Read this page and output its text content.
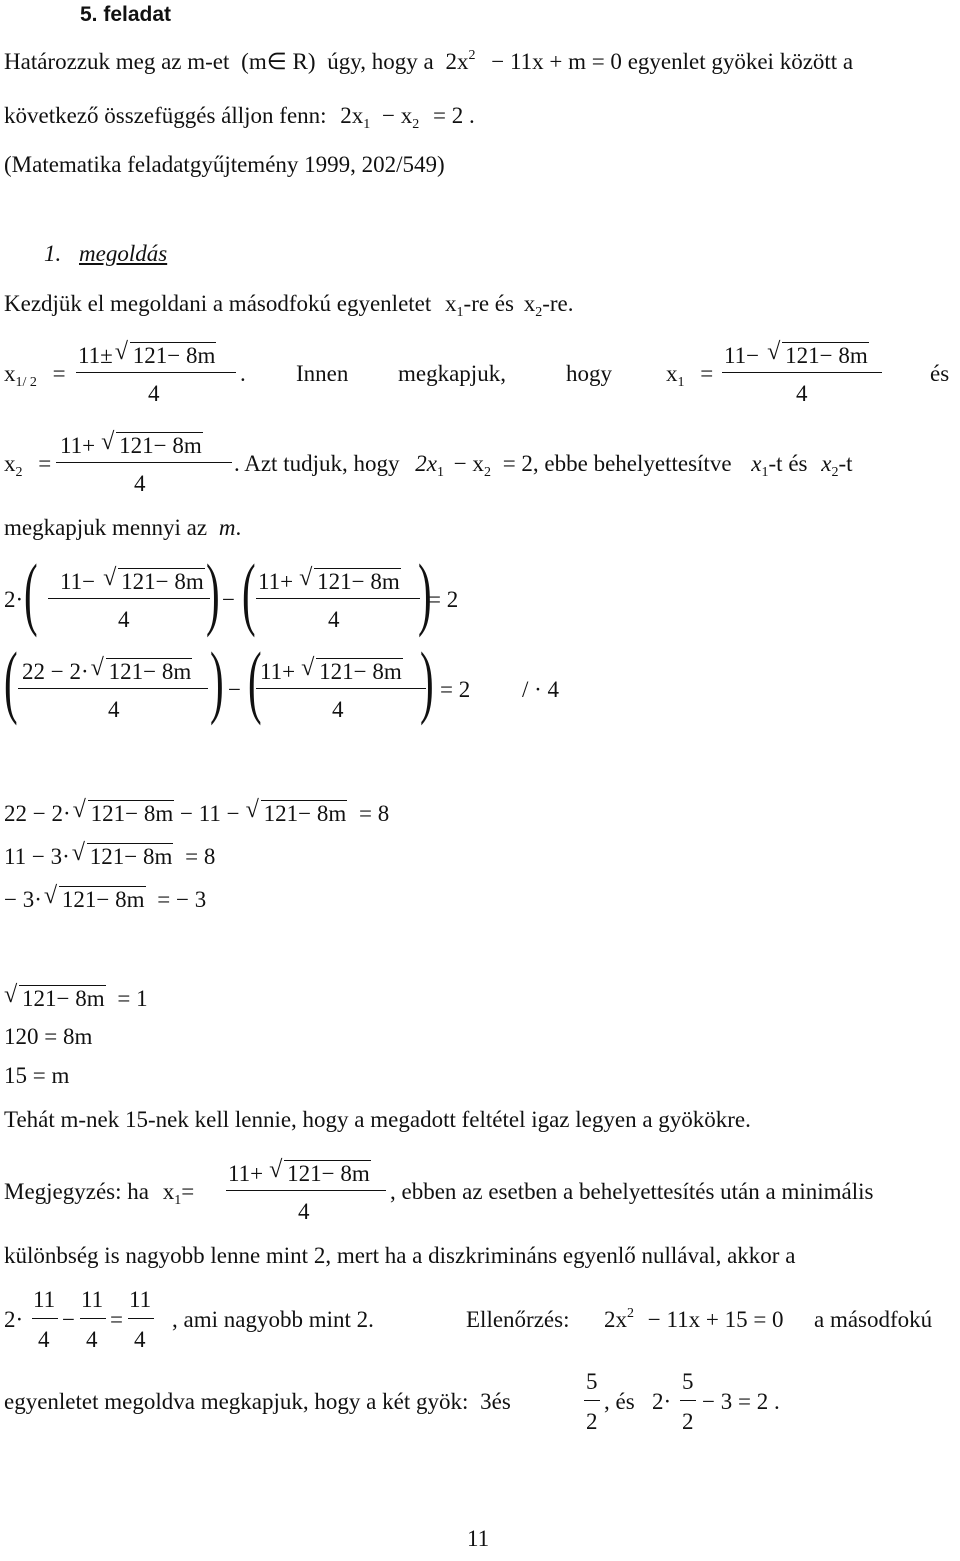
5. feladat
Határozzuk meg az m-et (m∈ R) úgy, hogy a $2x^2 - 11x + m = 0$ egyenlet gyökei között a
következő összefüggés álljon fenn: $2x_1 - x_2 = 2$ .
(Matematika feladatgyűjtemény 1999, 202/549)
1. megoldás
Kezdjük el megoldani a másodfokú egyenletet $x_1-re$ és $x_2-re$.
$x_{1/ 2}$ =
11± √ 121− 8m
4
. Innen megkapjuk,	hogy $x_1$ =
11− √ 121− 8m
4
és
$x_2$ =
11+ √ 121− 8m
4
. Azt tudjuk, hogy $2x_1 - x_2 = 2$, ebbe behelyettesítve $x_1-t$ és $x_2-t$
megkapjuk mennyi az m.
2· ( 11− √ 121− 8m
4 ) − ( 11+ √ 121− 8m
4 )
= 2
( 22 − 2· √ 121− 8m
4 ) − (
11+ √ 121− 8m
4 ) = 2 / · 4
22 − 2· √ 121− 8m − 11 − √ 121− 8m = 8
11 − 3· √ 121− 8m = 8
− 3· √ 121− 8m = − 3
√ 121− 8m = 1
120 = 8m
15 = m
Tehát m-nek 15-nek kell lennie, hogy a megadott feltétel igaz legyen a gyökökre.
Megjegyzés: ha $x_1=$
11+ √ 121− 8m
4
, ebben az esetben a behelyettesítés után a minimális
különbség is nagyobb lenne mint 2, mert ha a diszkrimináns egyenlő nullával, akkor a
2·
11
4
−
11
4
=
11
4
, ami nagyobb mint 2.	Ellenőrzés: $2x^2 - 11x + 15 = 0$ a másodfokú
egyenletet megoldva megkapjuk, hogy a két gyök: 3és
5
2
, és 2·
5
2
− 3 = 2 .
11
